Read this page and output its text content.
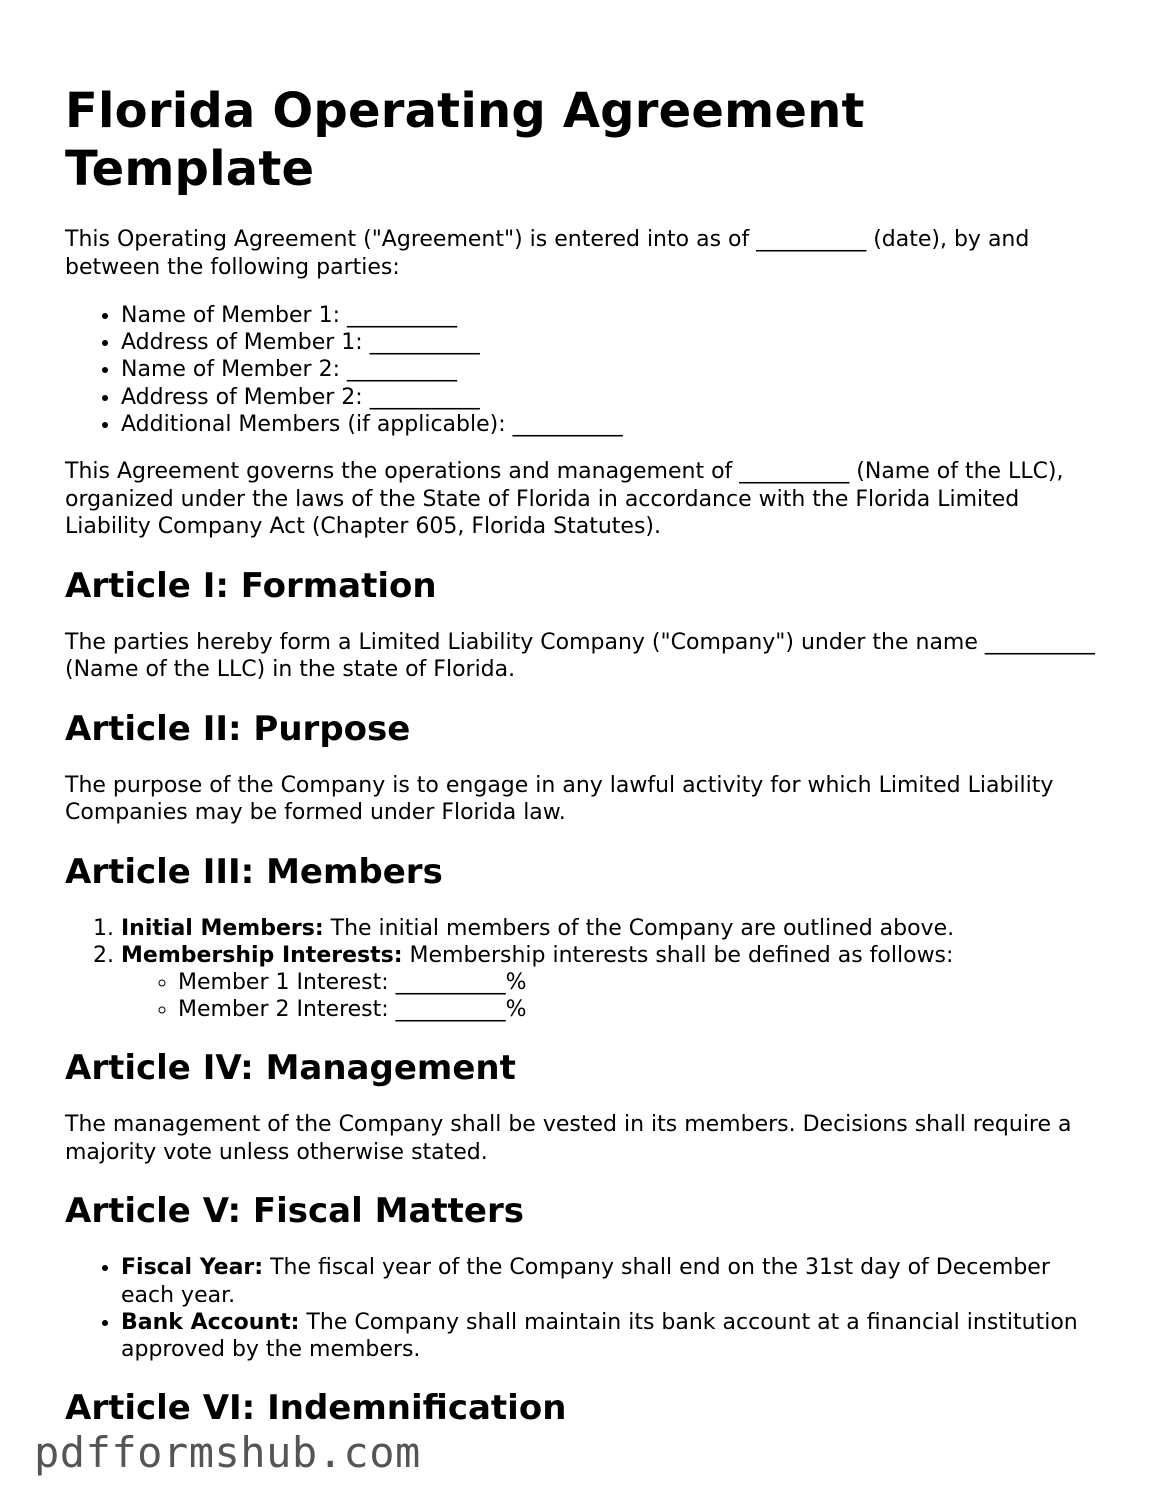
Florida Operating Agreement Template

This Operating Agreement ("Agreement") is entered into as of __________ (date), by and between the following parties:

• Name of Member 1: __________
• Address of Member 1: __________
• Name of Member 2: __________
• Address of Member 2: __________
• Additional Members (if applicable): __________

This Agreement governs the operations and management of __________ (Name of the LLC), organized under the laws of the State of Florida in accordance with the Florida Limited Liability Company Act (Chapter 605, Florida Statutes).

Article I: Formation

The parties hereby form a Limited Liability Company ("Company") under the name __________ (Name of the LLC) in the state of Florida.

Article II: Purpose

The purpose of the Company is to engage in any lawful activity for which Limited Liability Companies may be formed under Florida law.

Article III: Members
1. Initial Members: The initial members of the Company are outlined above.
2. Membership Interests: Membership interests shall be defined as follows:
◦ Member 1 Interest: __________%
◦ Member 2 Interest: __________%
Article IV: Management

The management of the Company shall be vested in its members. Decisions shall require a majority vote unless otherwise stated.

Article V: Fiscal Matters
• Fiscal Year: The fiscal year of the Company shall end on the 31st day of December each year.
• Bank Account: The Company shall maintain its bank account at a financial institution approved by the members.
Article VI: Indemnification
pdfformshub.com
